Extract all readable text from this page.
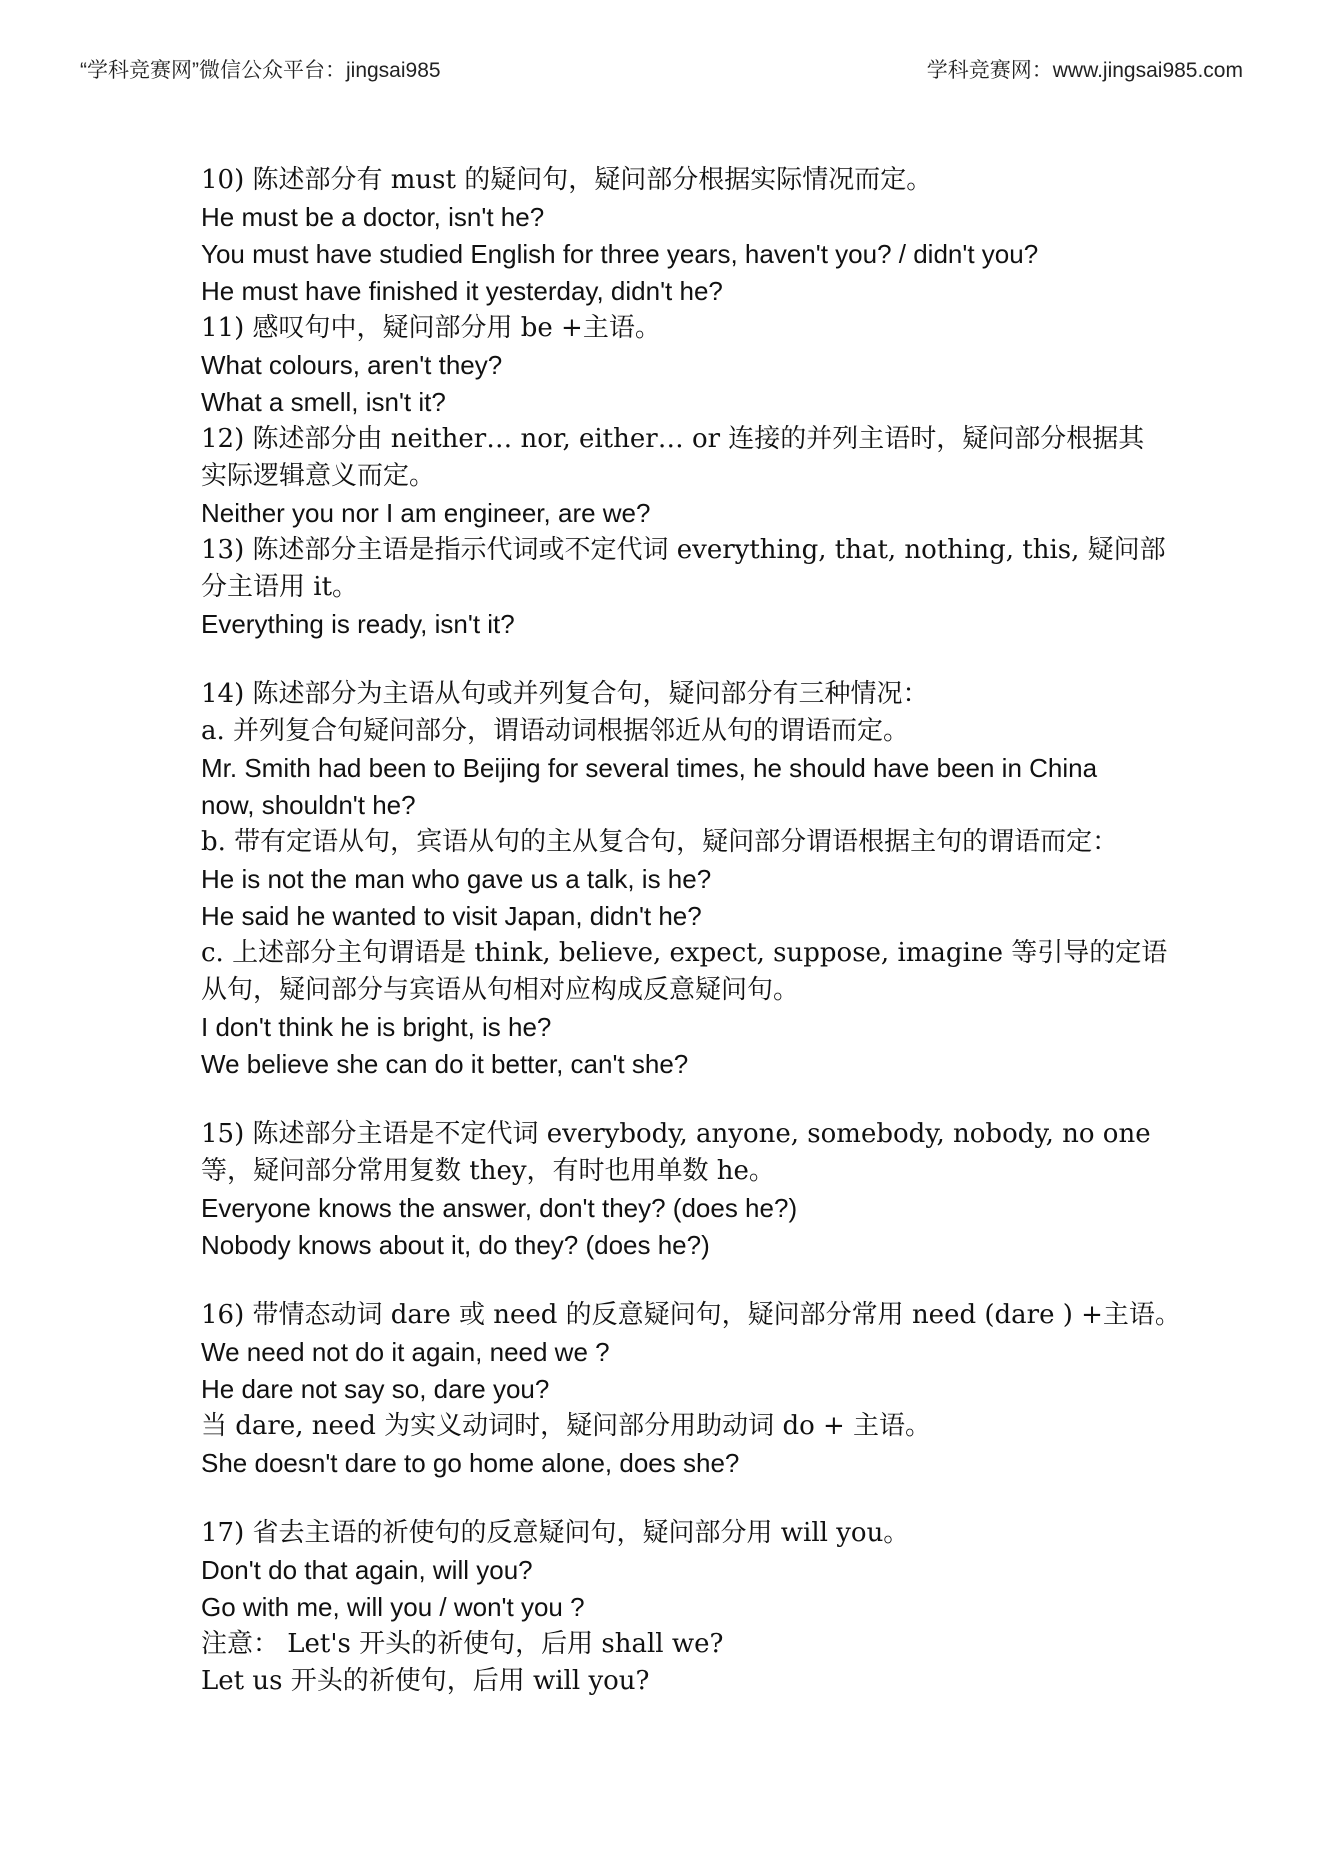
“学科竞赛网”微信公众平台：jingsai985	学科竞赛网：www.jingsai985.com
10) 陈述部分有 must 的疑问句，疑问部分根据实际情况而定。
He must be a doctor, isn't he?
You must have studied English for three years, haven't you? / didn't you?
He must have finished it yesterday, didn't he?
11) 感叹句中，疑问部分用 be +主语。
What colours, aren't they?
What a smell, isn't it?
12) 陈述部分由 neither… nor, either… or 连接的并列主语时，疑问部分根据其
实际逻辑意义而定。
Neither you nor I am engineer, are we?
13) 陈述部分主语是指示代词或不定代词 everything, that, nothing, this, 疑问部
分主语用 it。
Everything is ready, isn't it?
14) 陈述部分为主语从句或并列复合句，疑问部分有三种情况：
a. 并列复合句疑问部分，谓语动词根据邻近从句的谓语而定。
Mr. Smith had been to Beijing for several times, he should have been in China
now, shouldn't he?
b. 带有定语从句，宾语从句的主从复合句，疑问部分谓语根据主句的谓语而定：
He is not the man who gave us a talk, is he?
He said he wanted to visit Japan, didn't he?
c. 上述部分主句谓语是 think, believe, expect, suppose, imagine 等引导的定语
从句，疑问部分与宾语从句相对应构成反意疑问句。
I don't think he is bright, is he?
We believe she can do it better, can't she?
15) 陈述部分主语是不定代词 everybody, anyone, somebody, nobody, no one
等，疑问部分常用复数 they，有时也用单数 he。
Everyone knows the answer, don't they? (does he?)
Nobody knows about it, do they? (does he?)
16) 带情态动词 dare 或 need 的反意疑问句，疑问部分常用 need (dare ) +主语。
We need not do it again, need we ?
He dare not say so, dare you?
当 dare, need 为实义动词时，疑问部分用助动词 do + 主语。
She doesn't dare to go home alone, does she?
17) 省去主语的祈使句的反意疑问句，疑问部分用 will you。
Don't do that again, will you?
Go with me, will you / won't you ?
注意： Let's 开头的祈使句，后用 shall we?
Let us 开头的祈使句，后用 will you?
